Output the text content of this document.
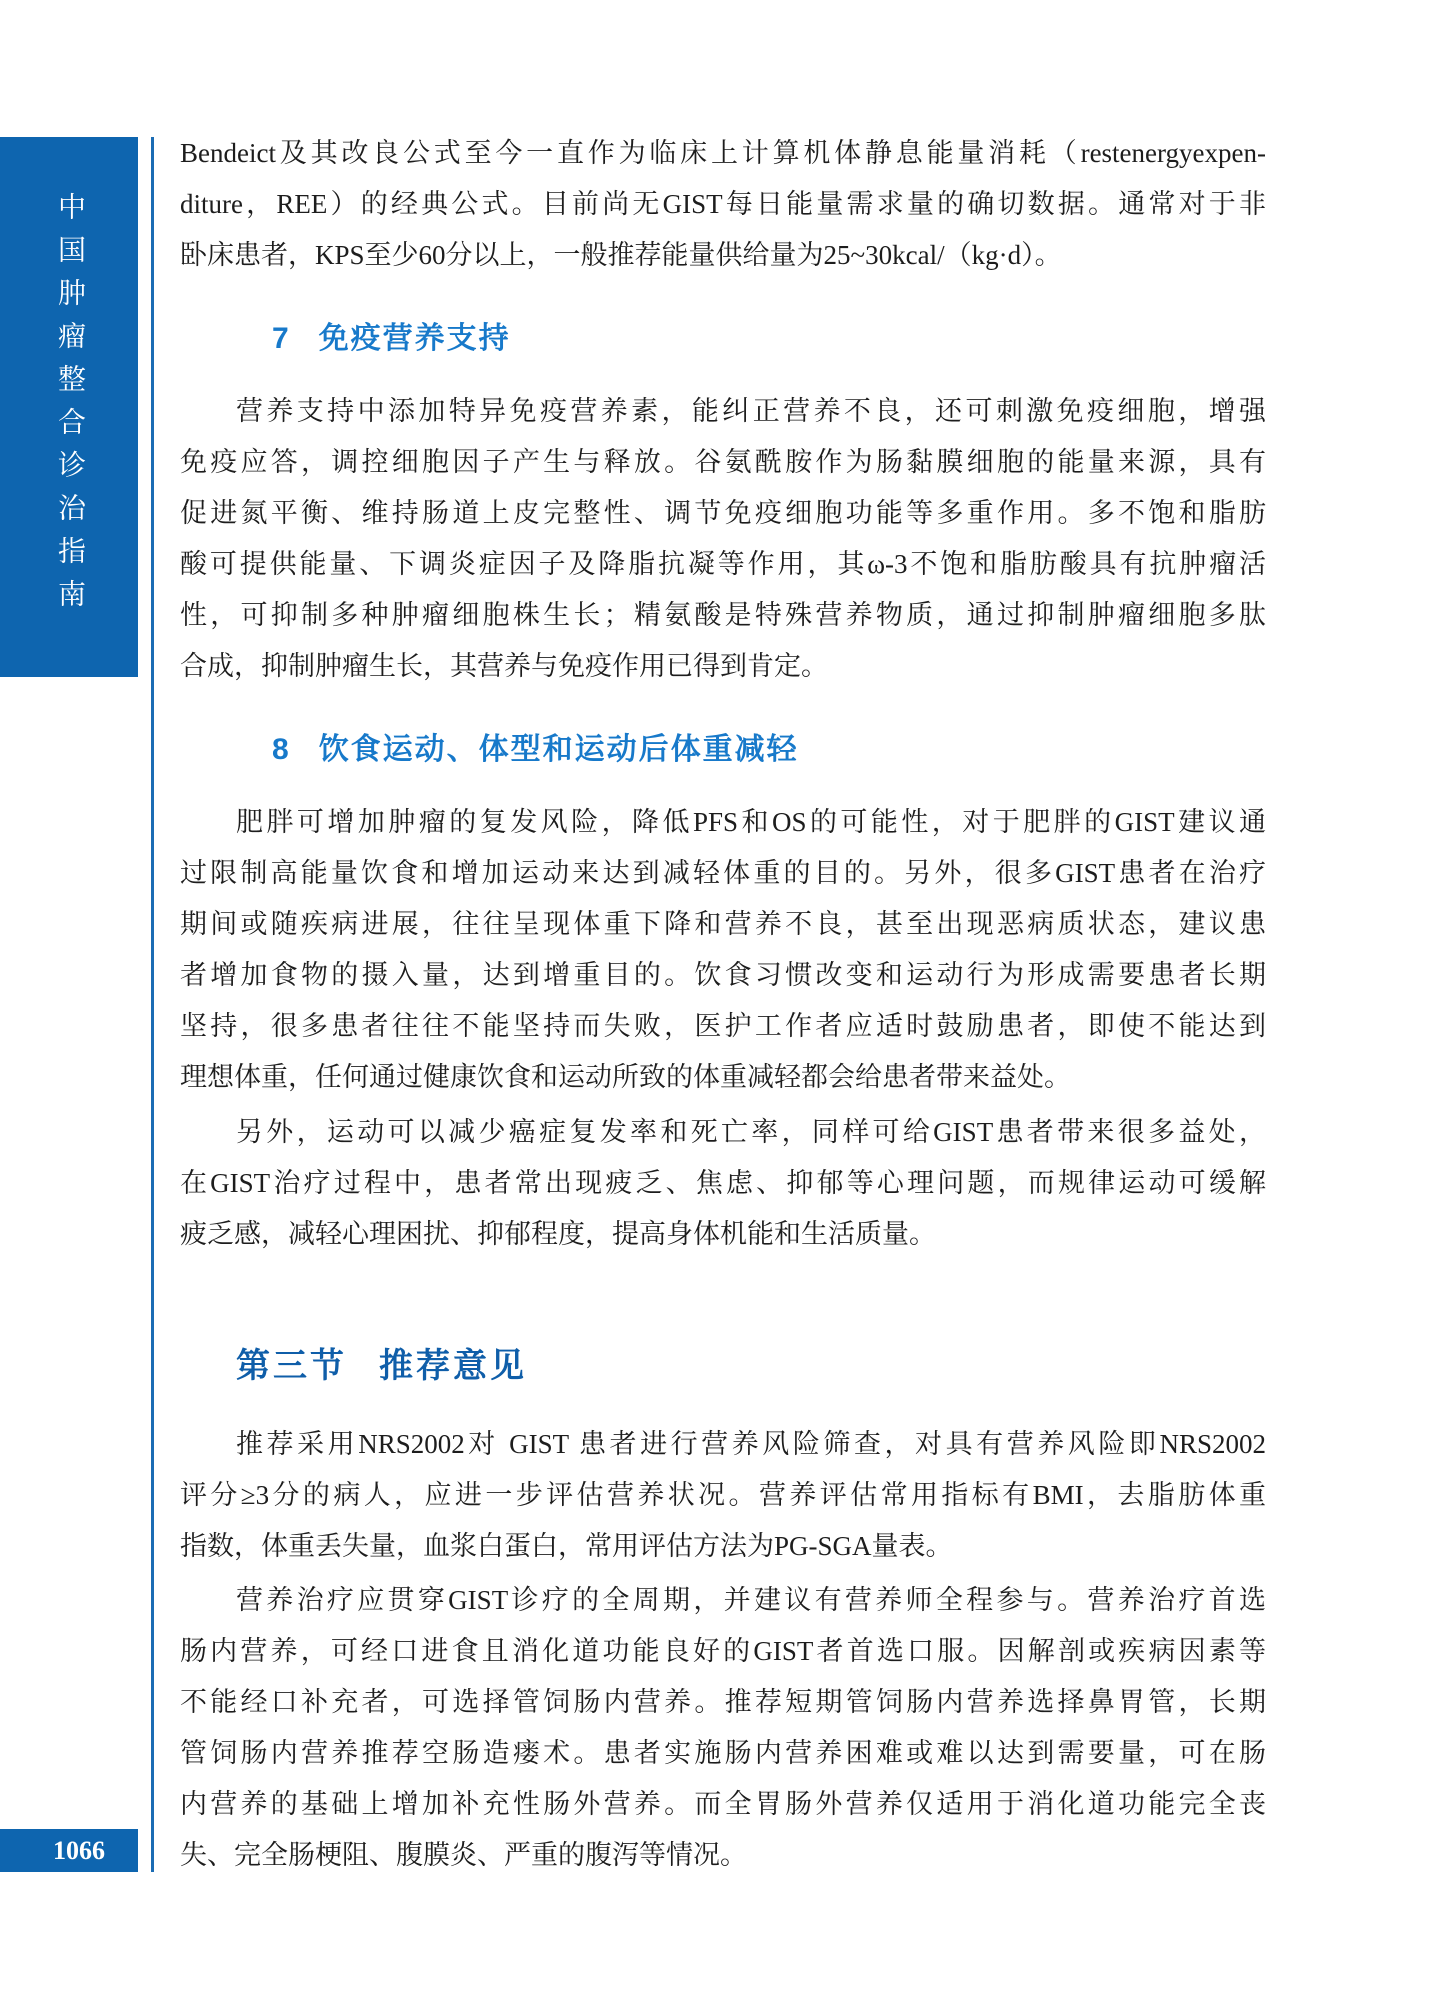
中国肿瘤整合诊治指南
Bendeict及其改良公式至今一直作为临床上计算机体静息能量消耗（restenergyexpen-
diture，REE）的经典公式。目前尚无GIST每日能量需求量的确切数据。通常对于非
卧床患者，KPS至少60分以上，一般推荐能量供给量为25~30kcal/（kg·d）。
7 免疫营养支持
营养支持中添加特异免疫营养素，能纠正营养不良，还可刺激免疫细胞，增强
免疫应答，调控细胞因子产生与释放。谷氨酰胺作为肠黏膜细胞的能量来源，具有
促进氮平衡、维持肠道上皮完整性、调节免疫细胞功能等多重作用。多不饱和脂肪
酸可提供能量、下调炎症因子及降脂抗凝等作用，其ω-3不饱和脂肪酸具有抗肿瘤活
性，可抑制多种肿瘤细胞株生长；精氨酸是特殊营养物质，通过抑制肿瘤细胞多肽
合成，抑制肿瘤生长，其营养与免疫作用已得到肯定。
8 饮食运动、体型和运动后体重减轻
肥胖可增加肿瘤的复发风险，降低PFS和OS的可能性，对于肥胖的GIST建议通
过限制高能量饮食和增加运动来达到减轻体重的目的。另外，很多GIST患者在治疗
期间或随疾病进展，往往呈现体重下降和营养不良，甚至出现恶病质状态，建议患
者增加食物的摄入量，达到增重目的。饮食习惯改变和运动行为形成需要患者长期
坚持，很多患者往往不能坚持而失败，医护工作者应适时鼓励患者，即使不能达到
理想体重，任何通过健康饮食和运动所致的体重减轻都会给患者带来益处。
另外，运动可以减少癌症复发率和死亡率，同样可给GIST患者带来很多益处，
在GIST治疗过程中，患者常出现疲乏、焦虑、抑郁等心理问题，而规律运动可缓解
疲乏感，减轻心理困扰、抑郁程度，提高身体机能和生活质量。
第三节 推荐意见
推荐采用NRS2002对 GIST 患者进行营养风险筛查，对具有营养风险即NRS2002
评分≥3分的病人，应进一步评估营养状况。营养评估常用指标有BMI，去脂肪体重
指数，体重丢失量，血浆白蛋白，常用评估方法为PG-SGA量表。
营养治疗应贯穿GIST诊疗的全周期，并建议有营养师全程参与。营养治疗首选
肠内营养，可经口进食且消化道功能良好的GIST者首选口服。因解剖或疾病因素等
不能经口补充者，可选择管饲肠内营养。推荐短期管饲肠内营养选择鼻胃管，长期
管饲肠内营养推荐空肠造瘘术。患者实施肠内营养困难或难以达到需要量，可在肠
内营养的基础上增加补充性肠外营养。而全胃肠外营养仅适用于消化道功能完全丧
失、完全肠梗阻、腹膜炎、严重的腹泻等情况。
1066
